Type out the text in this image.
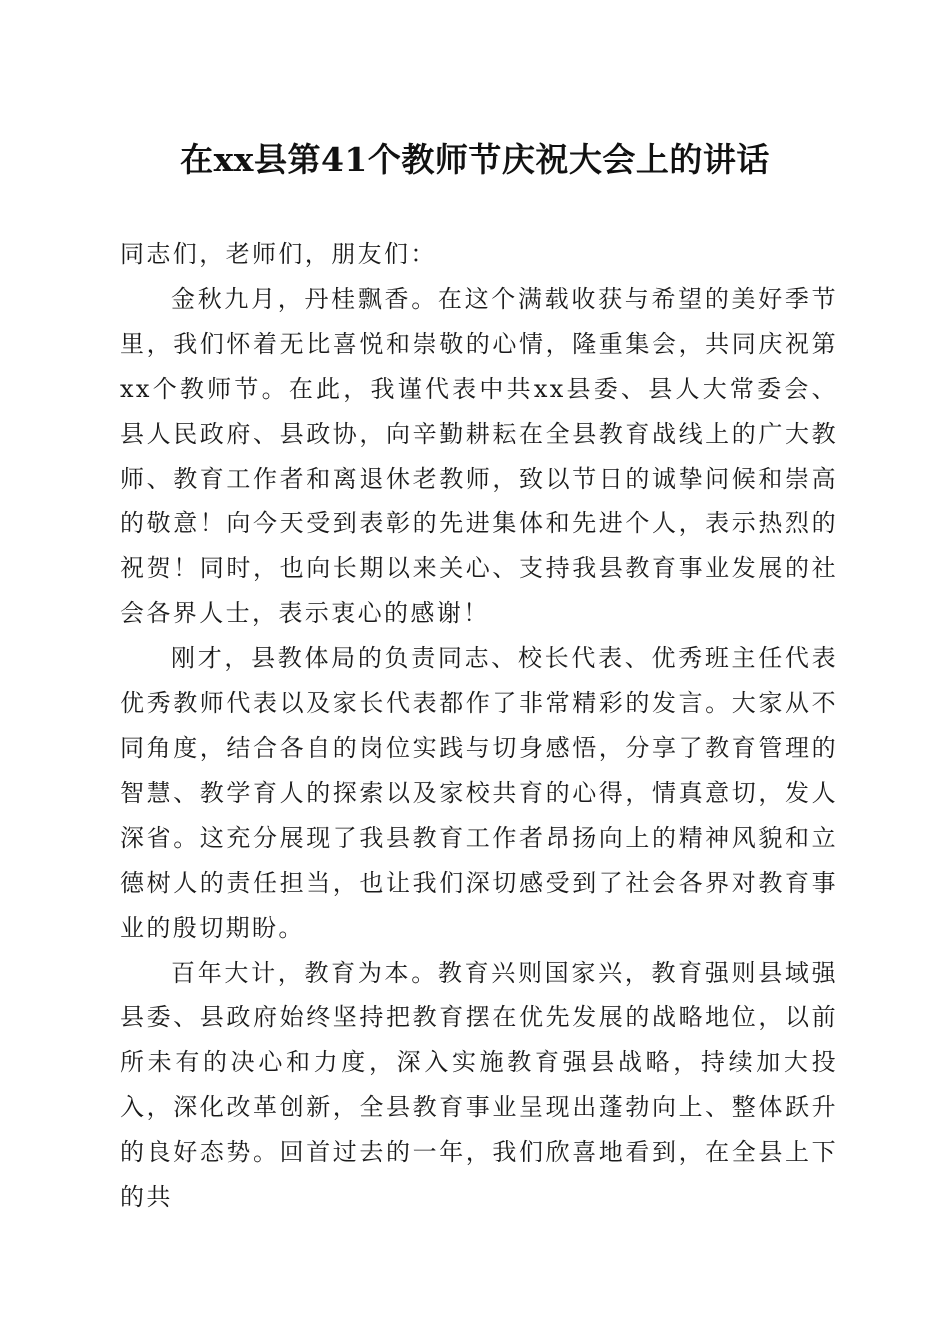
在xx县第41个教师节庆祝大会上的讲话

同志们，老师们，朋友们：

金秋九月，丹桂飘香。在这个满载收获与希望的美好季节里，我们怀着无比喜悦和崇敬的心情，隆重集会，共同庆祝第xx个教师节。在此，我谨代表中共xx县委、县人大常委会、县人民政府、县政协，向辛勤耕耘在全县教育战线上的广大教师、教育工作者和离退休老教师，致以节日的诚挚问候和崇高的敬意！向今天受到表彰的先进集体和先进个人，表示热烈的祝贺！同时，也向长期以来关心、支持我县教育事业发展的社会各界人士，表示衷心的感谢！

刚才，县教体局的负责同志、校长代表、优秀班主任代表优秀教师代表以及家长代表都作了非常精彩的发言。大家从不同角度，结合各自的岗位实践与切身感悟，分享了教育管理的智慧、教学育人的探索以及家校共育的心得，情真意切，发人深省。这充分展现了我县教育工作者昂扬向上的精神风貌和立德树人的责任担当，也让我们深切感受到了社会各界对教育事业的殷切期盼。

百年大计，教育为本。教育兴则国家兴，教育强则县域强县委、县政府始终坚持把教育摆在优先发展的战略地位，以前所未有的决心和力度，深入实施教育强县战略，持续加大投入，深化改革创新，全县教育事业呈现出蓬勃向上、整体跃升的良好态势。回首过去的一年，我们欣喜地看到，在全县上下的共
